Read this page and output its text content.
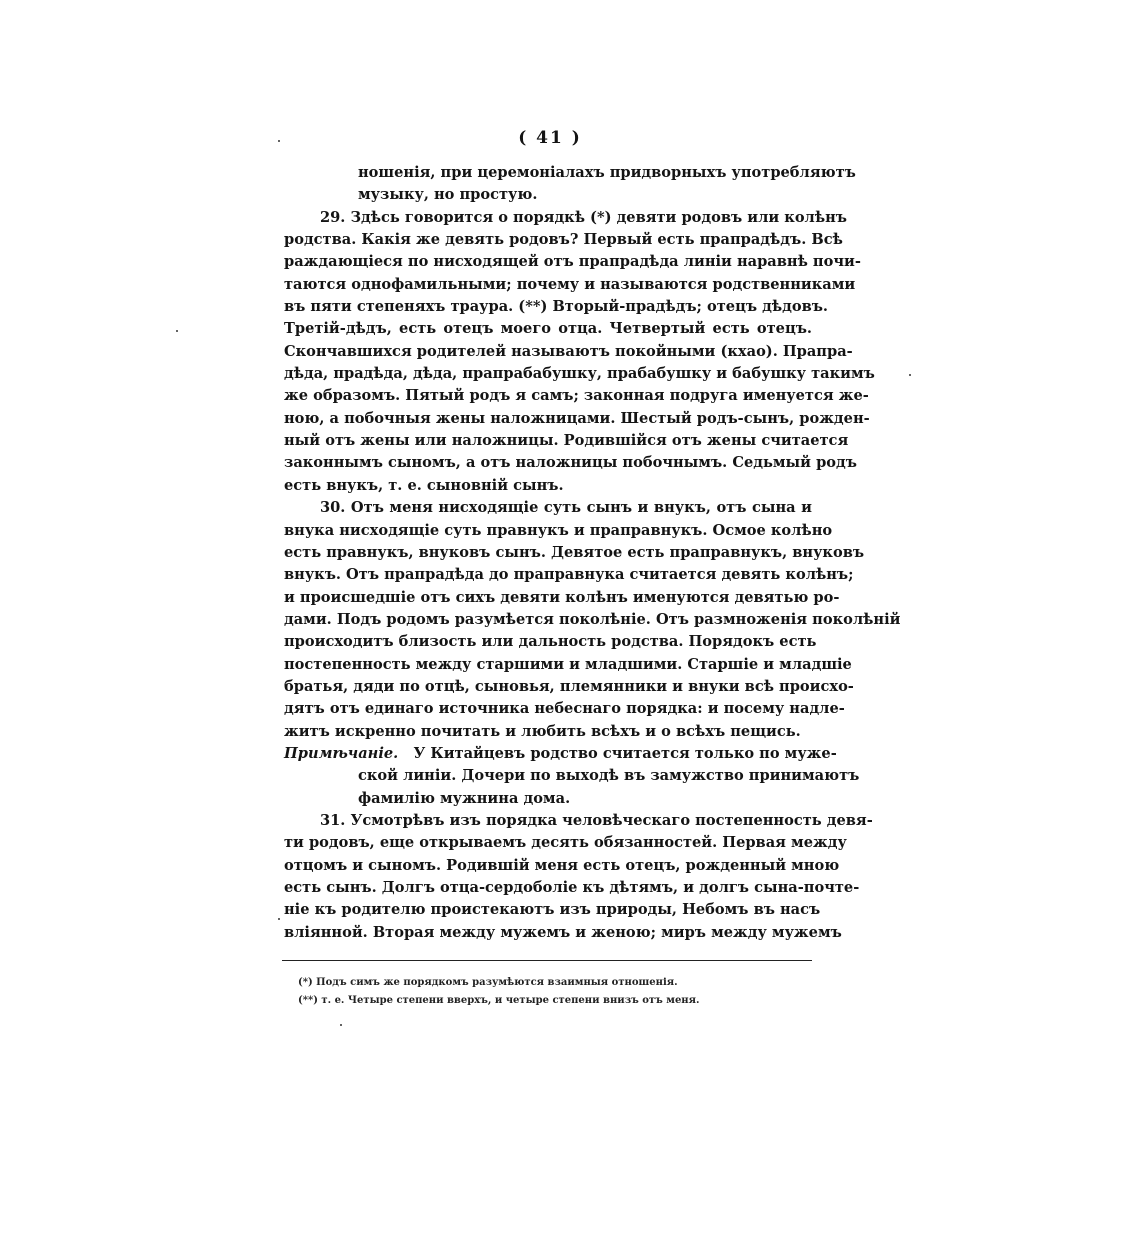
( 41 )
ношенія, при церемоніалахъ придворныхъ употребляютъ
музыку, но простую.
29. Здѣсь говорится о порядкѣ (*) девяти родовъ или колѣнъ
родства. Какія же девять родовъ? Первый есть прапрадѣдъ. Всѣ
раждающіеся по нисходящей отъ прапрадѣда линіи наравнѣ почи-
таются однофамильными; почему и называются родственниками
въ пяти степеняхъ траура. (**) Вторый-прадѣдъ; отецъ дѣдовъ.
Третій-дѣдъ, есть отецъ моего отца. Четвертый есть отецъ.
Скончавшихся родителей называютъ покойными (кхао). Прапра-
дѣда, прадѣда, дѣда, прапрабабушку, прабабушку и бабушку такимъ
же образомъ. Пятый родъ я самъ; законная подруга именуется же-
ною, а побочныя жены наложницами. Шестый родъ-сынъ, рожден-
ный отъ жены или наложницы. Родившійся отъ жены считается
законнымъ сыномъ, а отъ наложницы побочнымъ. Седьмый родъ
есть внукъ, т. е. сыновній сынъ.
30. Отъ меня нисходящіе суть сынъ и внукъ, отъ сына и
внука нисходящіе суть правнукъ и праправнукъ. Осмое колѣно
есть правнукъ, внуковъ сынъ. Девятое есть праправнукъ, внуковъ
внукъ. Отъ прапрадѣда до праправнука считается девять колѣнъ;
и происшедшіе отъ сихъ девяти колѣнъ именуются девятью ро-
дами. Подъ родомъ разумѣется поколѣніе. Отъ размноженія поколѣній
происходитъ близость или дальность родства. Порядокъ есть
постепенность между старшими и младшими. Старшіе и младшіе
братья, дяди по отцѣ, сыновья, племянники и внуки всѣ происхо-
дятъ отъ единаго источника небеснаго порядка: и посему надле-
житъ искренно почитать и любить всѣхъ и о всѣхъ пещись.
Примѣчаніе. У Китайцевъ родство считается только по муже-
ской линіи. Дочери по выходѣ въ замужство принимаютъ
фамилію мужнина дома.
31. Усмотрѣвъ изъ порядка человѣческаго постепенность девя-
ти родовъ, еще открываемъ десять обязанностей. Первая между
отцомъ и сыномъ. Родившій меня есть отецъ, рожденный мною
есть сынъ. Долгъ отца-сердоболіе къ дѣтямъ, и долгъ сына-почте-
ніе къ родителю проистекаютъ изъ природы, Небомъ въ насъ
влiянной. Вторая между мужемъ и женою; миръ между мужемъ
(*) Подъ симъ же порядкомъ разумѣются взаимныя отношенія.
(**) т. е. Четыре степени вверхъ, и четыре степени внизъ отъ меня.
